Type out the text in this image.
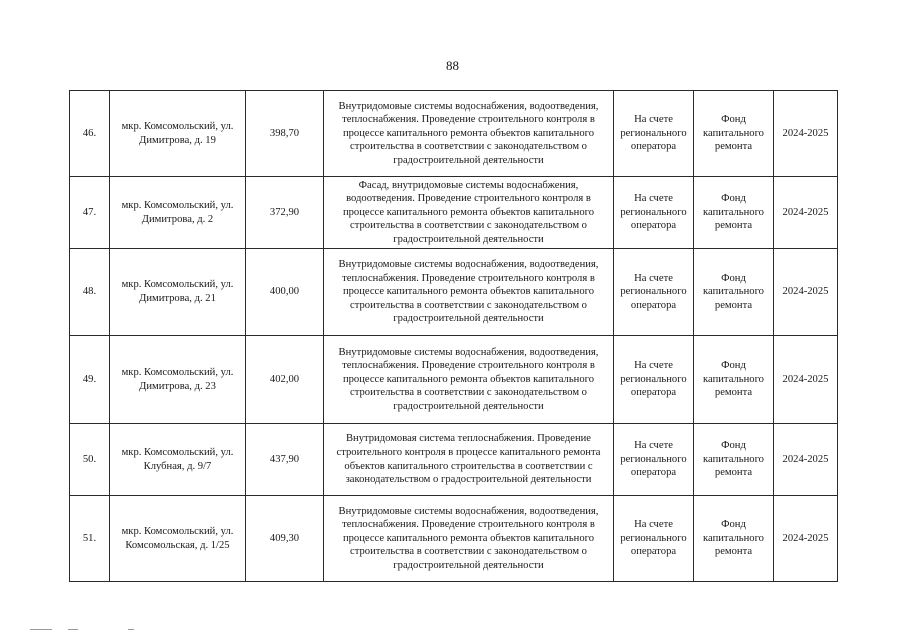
88
46.	мкр. Комсомольский, ул. Димитрова, д. 19	398,70	Внутридомовые системы водоснабжения, водоотведения, теплоснабжения. Проведение строительного контроля в процессе капитального ремонта объектов капитального строительства в соответствии с законодательством о градостроительной деятельности	На счете регионального оператора	Фонд капитального ремонта	2024-2025
47.	мкр. Комсомольский, ул. Димитрова, д. 2	372,90	Фасад, внутридомовые системы водоснабжения, водоотведения. Проведение строительного контроля в процессе капитального ремонта объектов капитального строительства в соответствии с законодательством о градостроительной деятельности	На счете регионального оператора	Фонд капитального ремонта	2024-2025
48.	мкр. Комсомольский, ул. Димитрова, д. 21	400,00	Внутридомовые системы водоснабжения, водоотведения, теплоснабжения. Проведение строительного контроля в процессе капитального ремонта объектов капитального строительства в соответствии с законодательством о градостроительной деятельности	На счете регионального оператора	Фонд капитального ремонта	2024-2025
49.	мкр. Комсомольский, ул. Димитрова, д. 23	402,00	Внутридомовые системы водоснабжения, водоотведения, теплоснабжения. Проведение строительного контроля в процессе капитального ремонта объектов капитального строительства в соответствии с законодательством о градостроительной деятельности	На счете регионального оператора	Фонд капитального ремонта	2024-2025
50.	мкр. Комсомольский, ул. Клубная, д. 9/7	437,90	Внутридомовая система теплоснабжения. Проведение строительного контроля в процессе капитального ремонта объектов капитального строительства в соответствии с законодательством о градостроительной деятельности	На счете регионального оператора	Фонд капитального ремонта	2024-2025
51.	мкр. Комсомольский, ул. Комсомольская, д. 1/25	409,30	Внутридомовые системы водоснабжения, водоотведения, теплоснабжения. Проведение строительного контроля в процессе капитального ремонта объектов капитального строительства в соответствии с законодательством о градостроительной деятельности	На счете регионального оператора	Фонд капитального ремонта	2024-2025
